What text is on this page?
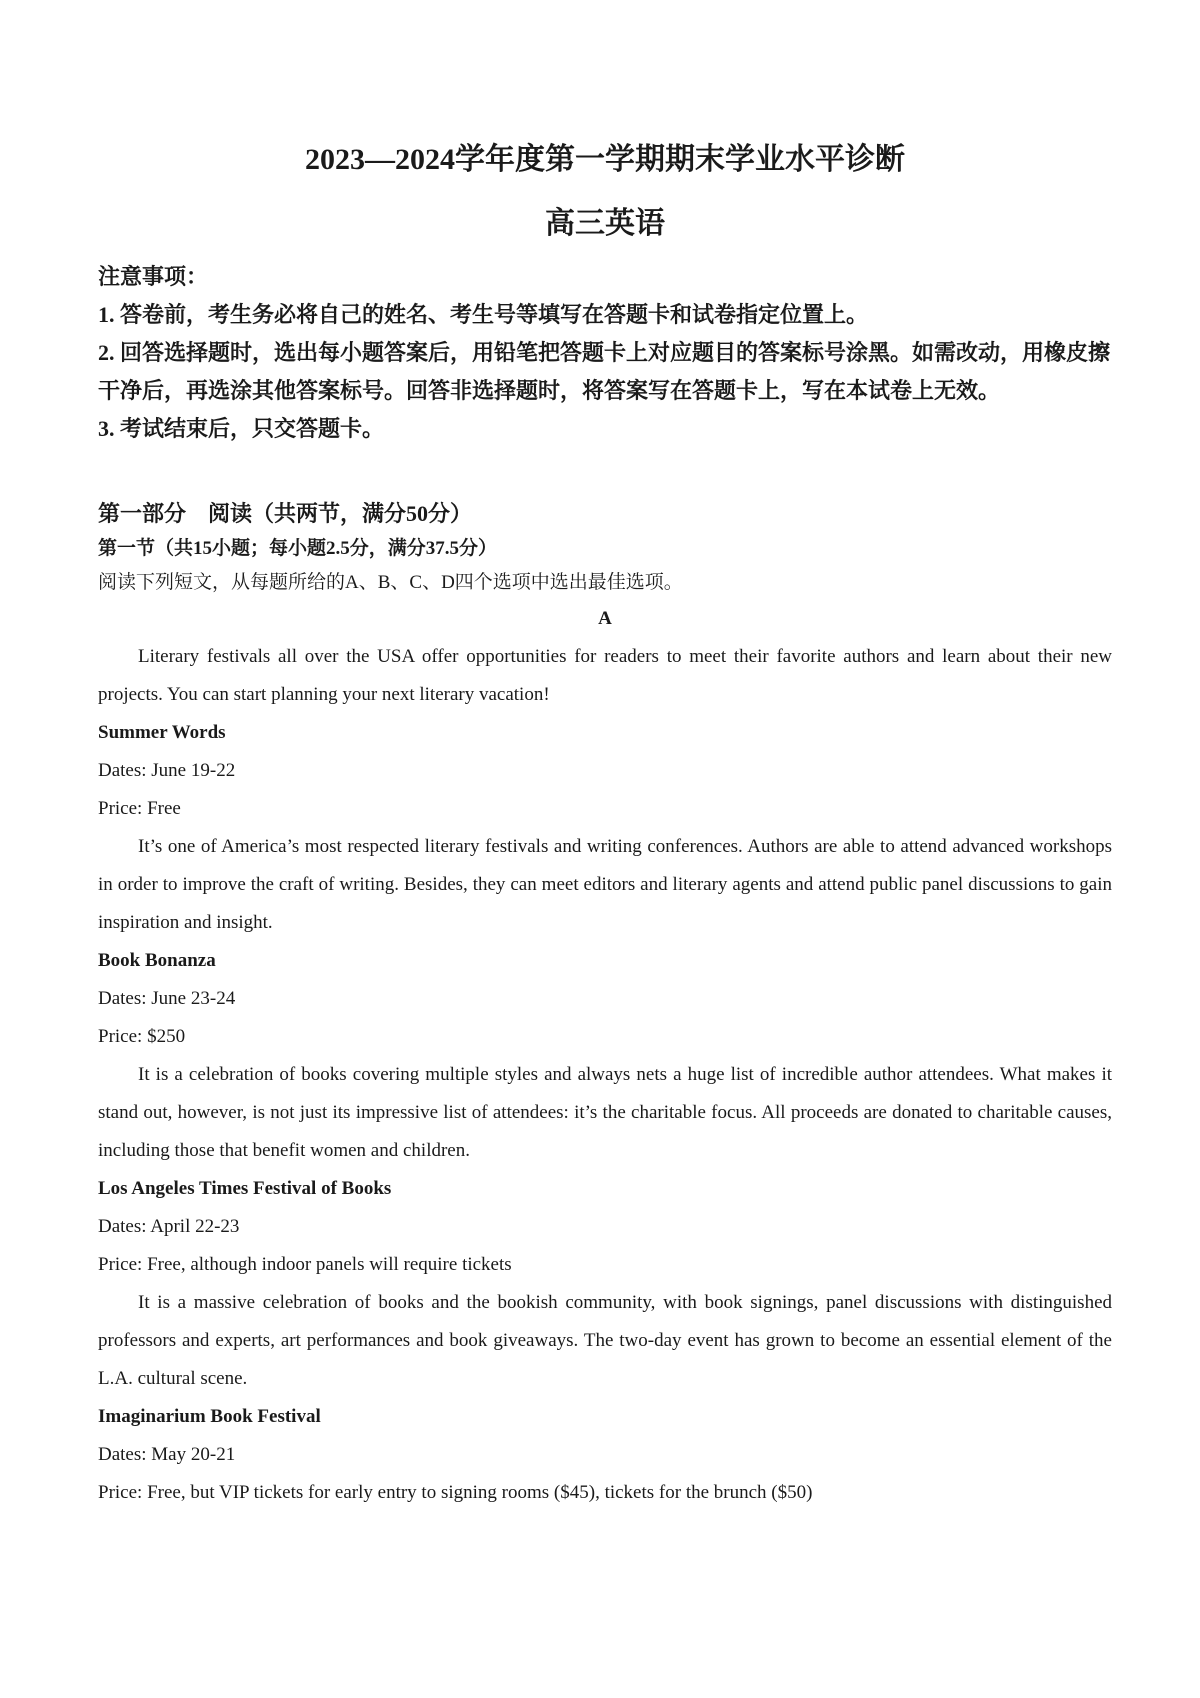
2023—2024学年度第一学期期末学业水平诊断
高三英语

注意事项：

1. 答卷前，考生务必将自己的姓名、考生号等填写在答题卡和试卷指定位置上。

2. 回答选择题时，选出每小题答案后，用铅笔把答题卡上对应题目的答案标号涂黑。如需改动，用橡皮擦干净后，再选涂其他答案标号。回答非选择题时，将答案写在答题卡上，写在本试卷上无效。

3. 考试结束后，只交答题卡。

第一部分　阅读（共两节，满分50分）
第一节（共15小题；每小题2.5分，满分37.5分）
阅读下列短文，从每题所给的A、B、C、D四个选项中选出最佳选项。
A

Literary festivals all over the USA offer opportunities for readers to meet their favorite authors and learn about their new projects. You can start planning your next literary vacation!

Summer Words

Dates: June 19-22

Price: Free

It’s one of America’s most respected literary festivals and writing conferences. Authors are able to attend advanced workshops in order to improve the craft of writing. Besides, they can meet editors and literary agents and attend public panel discussions to gain inspiration and insight.

Book Bonanza

Dates: June 23-24

Price: $250

It is a celebration of books covering multiple styles and always nets a huge list of incredible author attendees. What makes it stand out, however, is not just its impressive list of attendees: it’s the charitable focus. All proceeds are donated to charitable causes, including those that benefit women and children.

Los Angeles Times Festival of Books

Dates: April 22-23

Price: Free, although indoor panels will require tickets

It is a massive celebration of books and the bookish community, with book signings, panel discussions with distinguished professors and experts, art performances and book giveaways. The two-day event has grown to become an essential element of the L.A. cultural scene.

Imaginarium Book Festival

Dates: May 20-21

Price: Free, but VIP tickets for early entry to signing rooms ($45), tickets for the brunch ($50)
